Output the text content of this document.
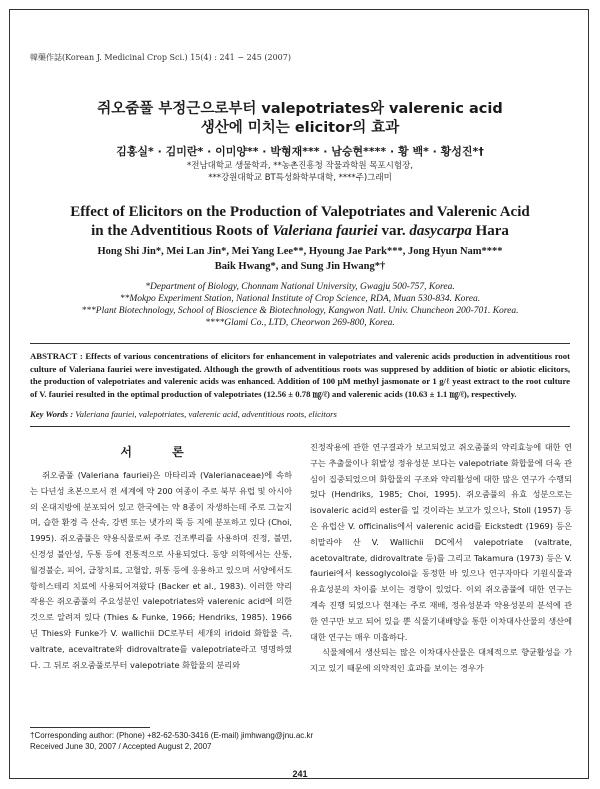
韓藥作誌(Korean J. Medicinal Crop Sci.) 15(4) : 241 − 245 (2007)
쥐오줌풀 부정근으로부터 valepotriates와 valerenic acid
생산에 미치는 elicitor의 효과
김홍실* · 김미란* · 이미양** · 박형재*** · 남승현**** · 황 백* · 황성진*†
*전남대학교 생물학과, **농촌진흥청 작물과학원 목포시험장,
***강원대학교 BT특성화학부대학, ****주)그래미
Effect of Elicitors on the Production of Valepotriates and Valerenic Acid
in the Adventitious Roots of Valeriana fauriei var. dasycarpa Hara
Hong Shi Jin*, Mei Lan Jin*, Mei Yang Lee**, Hyoung Jae Park***, Jong Hyun Nam****
Baik Hwang*, and Sung Jin Hwang*†
*Department of Biology, Chonnam National University, Gwagju 500-757, Korea.
**Mokpo Experiment Station, National Institute of Crop Science, RDA, Muan 530-834. Korea.
***Plant Biotechnology, School of Bioscience & Biotechnology, Kangwon Natl. Univ. Chuncheon 200-701. Korea.
****Glami Co., LTD, Cheorwon 269-800, Korea.
ABSTRACT : Effects of various concentrations of elicitors for enhancement in valepotriates and valerenic acids production in adventitious root culture of Valeriana fauriei were investigated. Although the growth of adventitious roots was suppresed by addition of biotic or abiotic elicitors, the production of valepotriates and valerenic acids was enhanced. Addition of 100 μM methyl jasmonate or 1 g/ℓ yeast extract to the root culture of V. fauriei resulted in the optimal production of valepotriates (12.56 ± 0.78 ㎎/ℓ) and valerenic acids (10.63 ± 1.1 ㎎/ℓ), respectively.
Key Words : Valeriana fauriei, valepotriates, valerenic acid, adventitious roots, elicitors
서 론

쥐오줌풀 (Valeriana fauriei)은 마타리과 (Valerianaceae)에 속하는 다년성 초본으로서 전 세계에 약 200 여종이 주로 북부 유럽 및 아시아의 온대지방에 분포되어 있고 한국에는 약 8종이 자생하는데 주로 그늘지며, 습한 환경 즉 산속, 강변 또는 냇가의 뚝 등 지에 분포하고 있다 (Choi, 1995). 쥐오줌풀은 약용식물로써 주로 건조뿌리를 사용하며 진정, 불면, 신경성 불안성, 두통 등에 전통적으로 사용되었다. 동양 의학에서는 산통, 월경불순, 피어, 급창치료, 고혈압, 위통 등에 응용하고 있으며 서양에서도 항히스테리 치료에 사용되어져왔다 (Backer et al., 1983). 이러한 약리작용은 쥐오줌풀의 주요성분인 valepotriates와 valerenic acid에 의한 것으로 알려져 있다 (Thies & Funke, 1966; Hendriks, 1985). 1966년 Thies와 Funke가 V. wallichii DC로부터 세개의 iridoid 화합물 즉, valtrate, acevaltrate와 didrovaltrate를 valepotriate라고 명명하였다. 그 뒤로 쥐오줌풀로부터 valepotriate 화합물의 분리와

진정작용에 관한 연구결과가 보고되었고 쥐오줌풀의 약리효능에 대한 연구는 추출물이나 휘발성 정유성분 보다는 valepotriate 화합물에 더욱 관심이 집중되었으며 화합물의 구조와 약리활성에 대한 많은 연구가 수행되었다 (Hendriks, 1985; Choi, 1995). 쥐오줌풀의 유효 성분으로는 isovaleric acid의 ester를 일 것이라는 보고가 있으나, Stoll (1957) 등은 유럽산 V. officinalis에서 valerenic acid를 Eickstedt (1969) 등은 히말라야 산 V. Wallichii DC에서 valepotriate (valtrate, acetovaltrate, didrovaltrate 등)를 그리고 Takamura (1973) 등은 V. fauriei에서 kessoglycoloi을 동정한 바 있으나 연구자마다 기원식물과 유효성분의 차이를 보이는 경향이 있었다. 이외 쥐오줌풀에 대한 연구는 계속 진행 되었으나 현재는 주로 재배, 정유성분과 약용성분의 분석에 관한 연구만 보고 되어 있을 뿐 식물기내배양을 통한 이차대사산물의 생산에 대한 연구는 매우 미흡하다.

식물체에서 생산되는 많은 이차대사산물은 대체적으로 향균활성을 가지고 있기 때문에 의약적인 효과를 보이는 경우가

†Corresponding author: (Phone) +82-62-530-3416 (E-mail) jimhwang@jnu.ac.kr
Received June 30, 2007 / Accepted August 2, 2007
241
